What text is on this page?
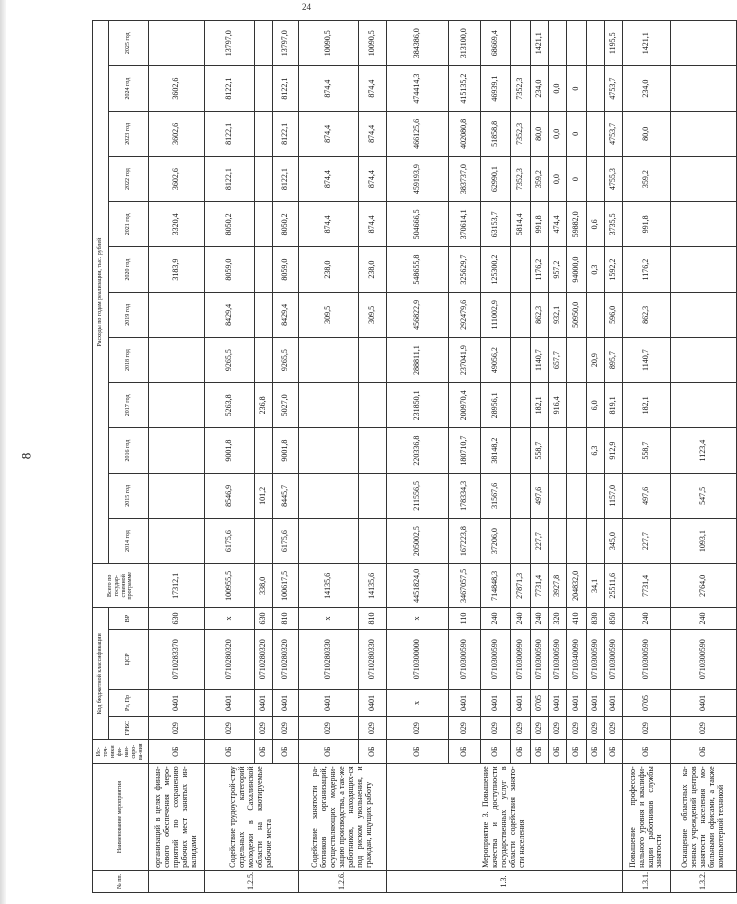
24
8
№ пп.	Наименование мероприятия	Ис-точ-ники фи-нан-сиро-ва-ния	Код бюджетной классификации				Всего по государ-ственной программе	Расходы по годам реализации, тыс. рублей											
			ГРБС	Рз, Пр	ЦСР	ВР		2014 год	2015 год	2016 год	2017 год	2018 год	2019 год	2020 год	2021 год	2022 год	2023 год	2024 год	2025 год
	организаций в целях финан-сового обеспечения меро-приятий по сохранению рабочих мест занятых ин-валидами	ОБ	029	0401	0710283370	630	17312,1							3183,9	3320,4	3602,6	3602,6	3602,6	
1.2.5.	Содействие трудоустрой-ству отдельных категорий молодежи в Сахалинской области на квотируемые рабочие места	ОБ	029	0401	0710280320	x	100955,5	6175,6	8546,9	9001,8	5263,8	9265,5	8429,4	8059,0	8050,2	8122,1	8122,1	8122,1	13797,0
		ОБ	029	0401	0710280320	630	338,0		101,2		236,8								
		ОБ	029	0401	0710280320	810	100617,5	6175,6	8445,7	9001,8	5027,0	9265,5	8429,4	8059,0	8050,2	8122,1	8122,1	8122,1	13797,0
1.2.6.	Содействие занятости ра-ботников организаций, осуществляющих модерни-зацию производства, а так-же работников, находящих-ся под риском увольнения, и граждан, ищущих работу	ОБ	029	0401	0710280330	x	14135,6						309,5	238,0	874,4	874,4	874,4	874,4	10090,5
		ОБ	029	0401	0710280330	810	14135,6						309,5	238,0	874,4	874,4	874,4	874,4	10090,5
1.3.	Мероприятие 3. Повышение качества и доступности государственных услуг в области содействия занято-сти населения	ОБ	029	x	0710300000	x	4451824,0	205002,5	211556,5	220336,8	231850,1	288811,1	456822,9	548655,8	504666,5	459193,9	466125,6	474414,3	384386,0
		ОБ	029	0401	0710300590	110	3467057,5	167223,8	178334,3	180710,7	200970,4	237041,9	292479,6	325629,7	370614,1	383737,0	402080,8	415135,2	313100,0
		ОБ	029	0401	0710300590	240	714848,3	37206,0	31567,6	38148,2	28956,1	49056,2	111002,9	125300,2	63153,7	62990,1	51858,8	46939,1	68669,4
		ОБ	029	0401	0710300990	240	27871,3								5814,4	7352,3	7352,3	7352,3	
		ОБ	029	0705	0710300590	240	7731,4	227,7	497,6	558,7	182,1	1140,7	862,3	1176,2	991,8	359,2	80,0	234,0	1421,1
		ОБ	029	0401	0710300590	320	3927,8				916,4	657,7	932,1	957,2	474,4	0,0	0,0	0,0	
		ОБ	029	0401	0710340090	410	204832,0						50950,0	94000,0	59882,0	0	0	0	
		ОБ	029	0401	0710300590	830	34,1			6,3	6,0	20,9		0,3	0,6				
		ОБ	029	0401	0710300590	850	25511,6	345,0	1157,0	912,9	819,1	895,7	596,0	1592,2	3735,5	4755,3	4753,7	4753,7	1195,5
1.3.1.	Повышение профессио-нального уровня и квалифи-кации работников службы занятости	ОБ	029	0705	0710300590	240	7731,4	227,7	497,6	558,7	182,1	1140,7	862,3	1176,2	991,8	359,2	80,0	234,0	1421,1
1.3.2.	Оснащение областных ка-зенных учреждений центров занятости населения мо-бильными офисами, а также компьютерной техникой	ОБ	029	0401	0710300590	240	2764,0	1093,1	547,5	1123,4									
